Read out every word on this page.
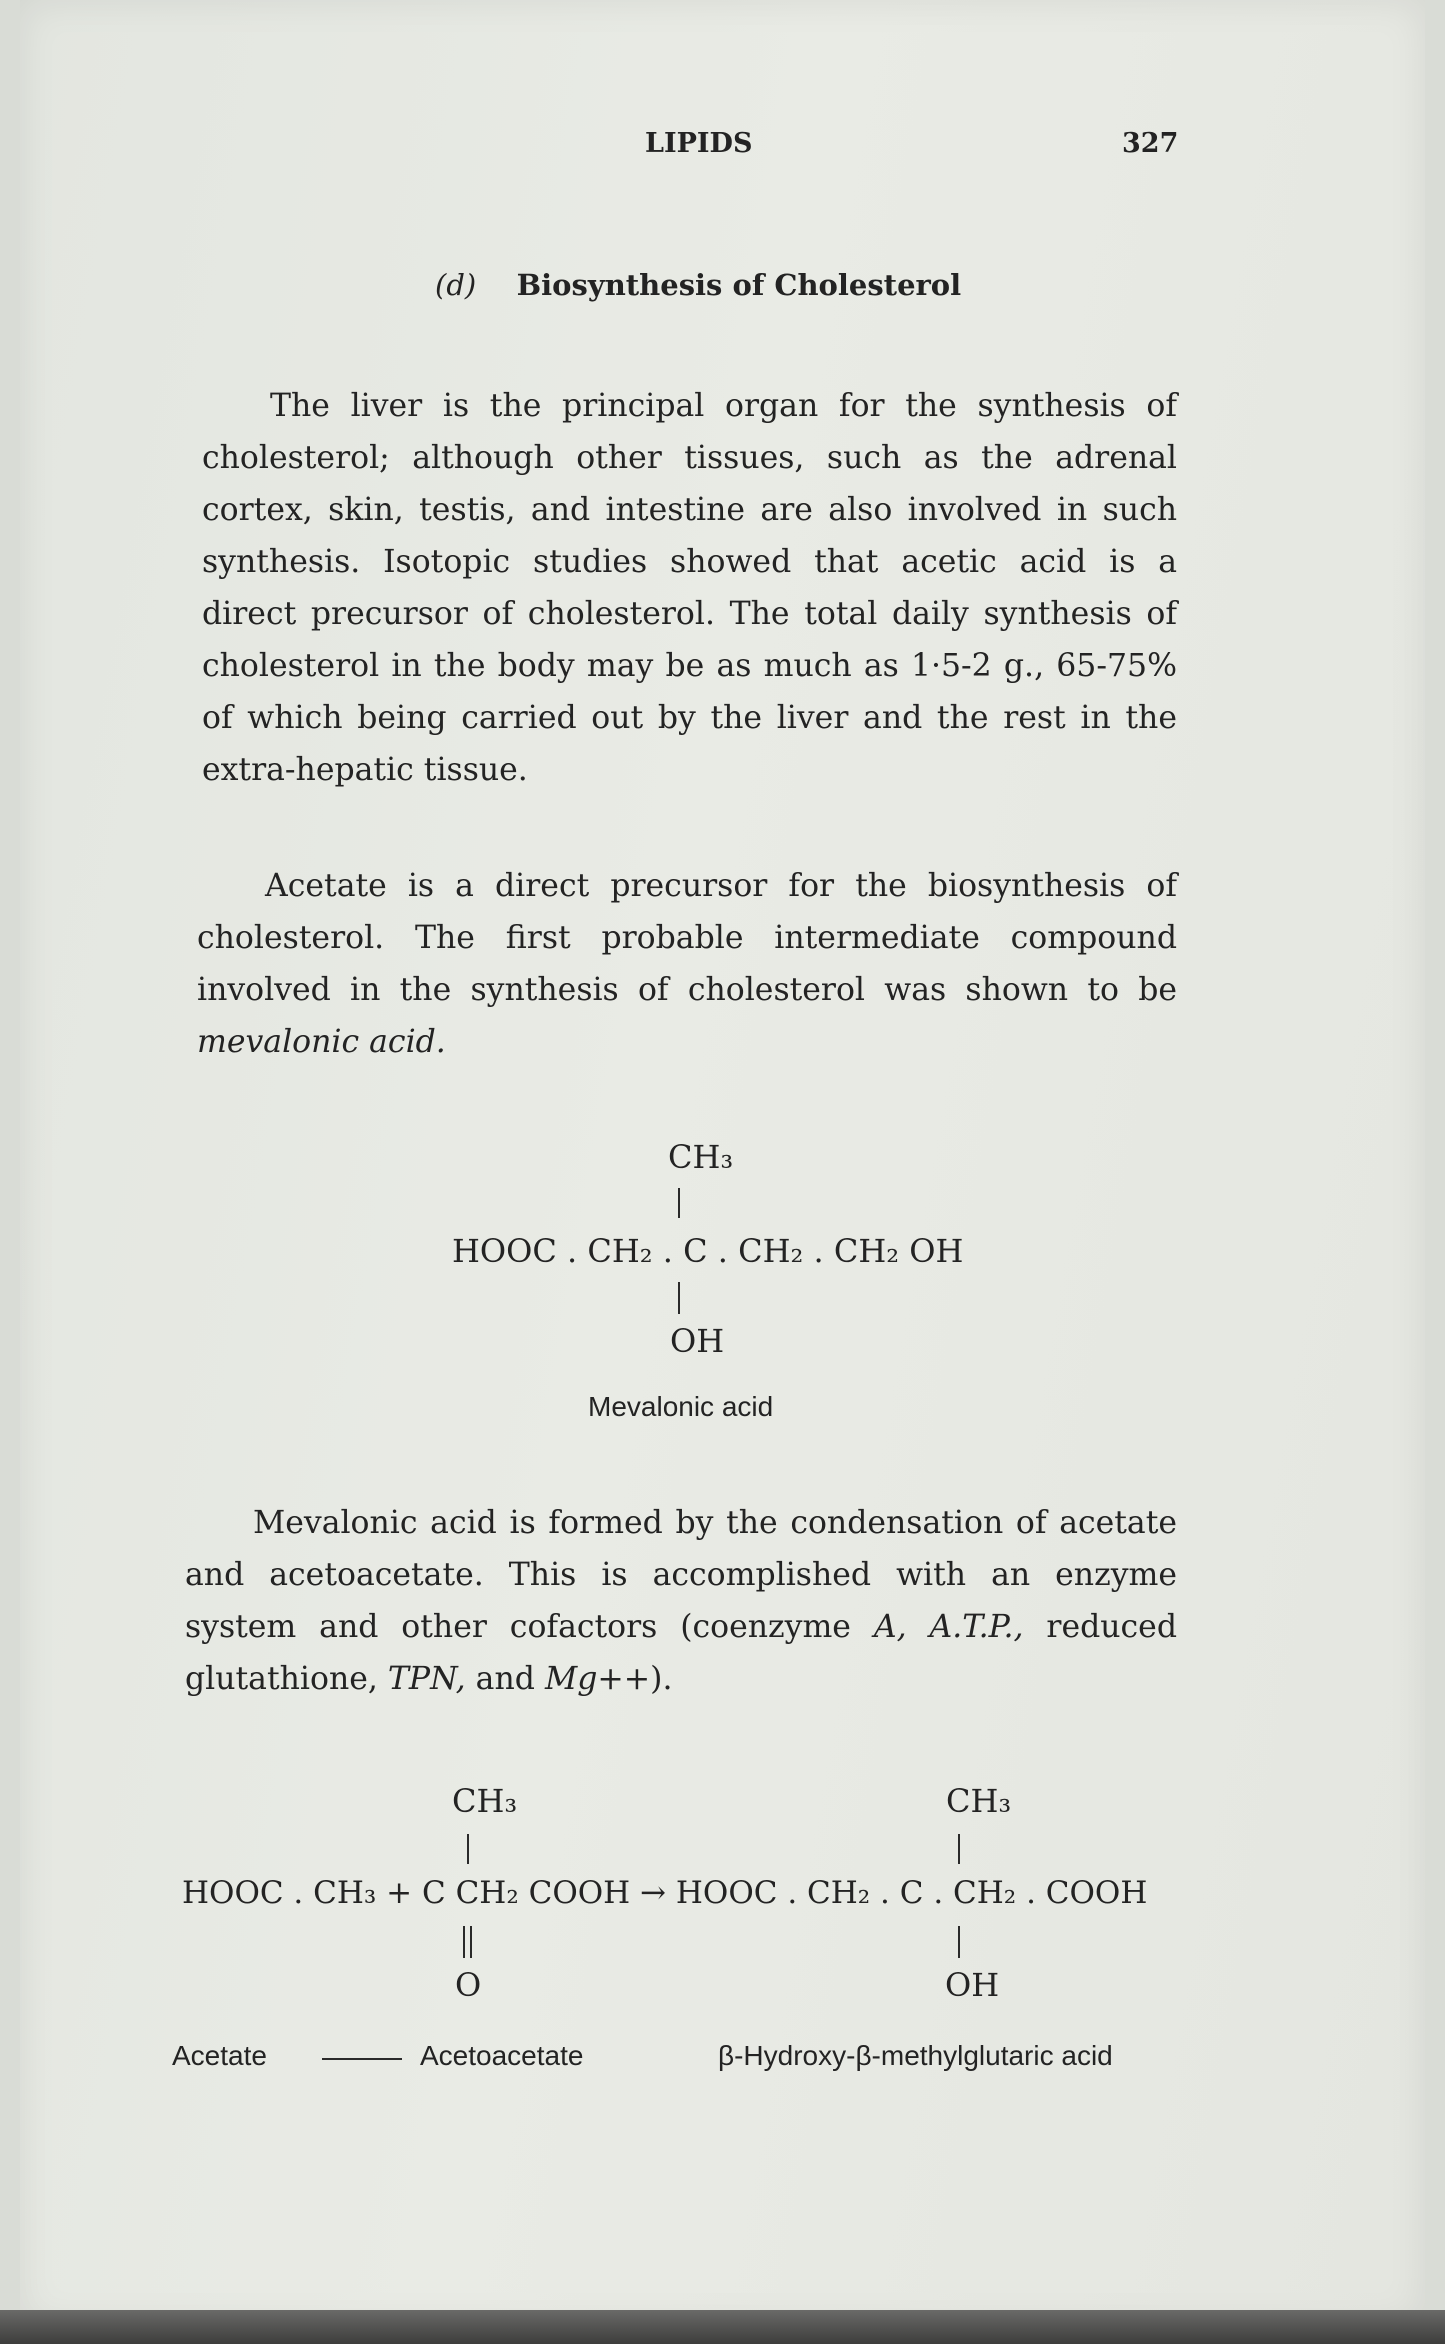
LIPIDS	327
(d) Biosynthesis of Cholesterol
The liver is the principal organ for the synthesis of cholesterol; although other tissues, such as the adrenal cortex, skin, testis, and intestine are also involved in such synthesis. Isotopic studies showed that acetic acid is a direct precursor of cholesterol. The total daily synthesis of cholesterol in the body may be as much as 1·5-2 g., 65-75% of which being carried out by the liver and the rest in the extra-hepatic tissue.
Acetate is a direct precursor for the biosynthesis of cholesterol. The first probable intermediate compound involved in the synthesis of cholesterol was shown to be mevalonic acid.
CH₃
HOOC . CH₂ . C . CH₂ . CH₂ OH
OH
Mevalonic acid
Mevalonic acid is formed by the condensation of acetate and acetoacetate. This is accomplished with an enzyme system and other cofactors (coenzyme A, A.T.P., reduced glutathione, TPN, and Mg++).
CH₃	CH₃
HOOC . CH₃ + C CH₂ COOH → HOOC . CH₂ . C . CH₂ . COOH
O	OH
Acetate	Acetoacetate	β-Hydroxy-β-methylglutaric acid
